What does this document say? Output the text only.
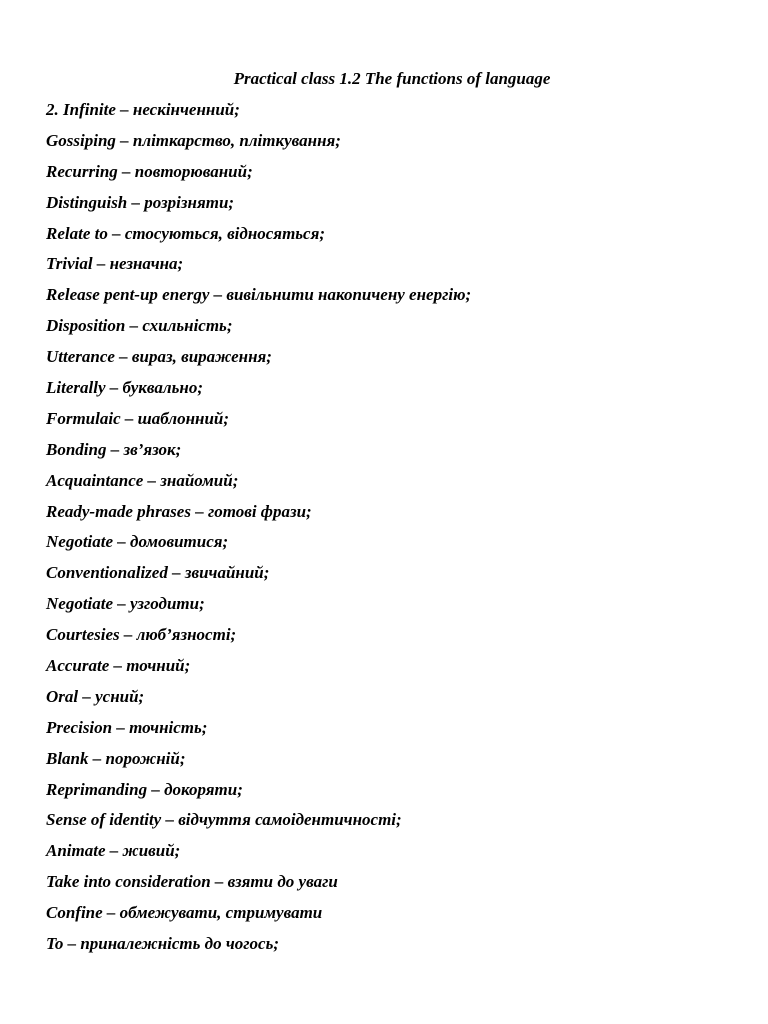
Practical class 1.2 The functions of language
2. Infinite – нескінченний;
Gossiping – пліткарство, пліткування;
Recurring – повторюваний;
Distinguish – розрізняти;
Relate to – стосуються, відносяться;
Trivial – незначна;
Release pent-up energy – вивільнити накопичену енергію;
Disposition – схильність;
Utterance – вираз, вираження;
Literally – буквально;
Formulaic – шаблонний;
Bonding – зв’язок;
Acquaintance – знайомий;
Ready-made phrases – готові фрази;
Negotiate – домовитися;
Conventionalized – звичайний;
Negotiate – узгодити;
Courtesies – люб’язності;
Accurate – точний;
Oral – усний;
Precision – точність;
Blank – порожній;
Reprimanding – докоряти;
Sense of identity – відчуття самоідентичності;
Animate – живий;
Take into consideration – взяти до уваги
Confine – обмежувати, стримувати
To – приналежність до чогось;
